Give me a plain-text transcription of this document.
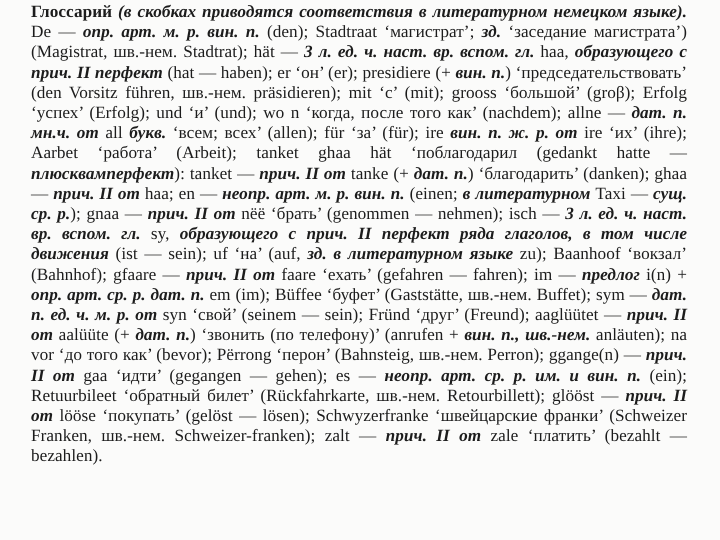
Глоссарий (в скобках приводятся соответствия в литературном немецком языке). De — опр. арт. м. р. вин. п. (den); Stadtraat ‘магистрат’; зд. ‘заседание магистрата’) (Magistrat, шв.-нем. Stadtrat); hät — 3 л. ед. ч. наст. вр. вспом. гл. haa, образующего с прич. II перфект (hat — haben); er ‘он’ (er); presidiere (+ вин. п.) ‘председательствовать’ (den Vorsitz führen, шв.-нем. präsidieren); mit ‘с’ (mit); grooss ‘большой’ (groβ); Erfolg ‘успех’ (Erfolg); und ‘и’ (und); wo n ‘когда, после того как’ (nachdem); allne — дат. п. мн.ч. от all букв. ‘всем; всех’ (allen); für ‘за’ (für); ire вин. п. ж. р. от ire ‘их’ (ihre); Aarbet ‘работа’ (Arbeit); tanket ghaa hät ‘поблагодарил (gedankt hatte — плюсквамперфект): tanket — прич. II от tanke (+ дат. п.) ‘благодарить’ (danken); ghaa — прич. II от haa; en — неопр. арт. м. р. вин. п. (einen; в литературном Taxi — сущ. ср. р.); gnaa — прич. II от nëë ‘брать’ (genommen — nehmen); isch — 3 л. ед. ч. наст. вр. вспом. гл. sy, образующего с прич. II перфект ряда глаголов, в том числе движения (ist — sein); uf ‘на’ (auf, зд. в литературном языке zu); Baanhoof ‘вокзал’ (Bahnhof); gfaare — прич. II от faare ‘ехать’ (gefahren — fahren); im — предлог i(n) + опр. арт. ср. р. дат. п. em (im); Büffee ‘буфет’ (Gaststätte, шв.-нем. Buffet); sym — дат. п. ед. ч. м. р. от syn ‘свой’ (seinem — sein); Fründ ‘друг’ (Freund); aaglüütet — прич. II от aalüüte (+ дат. п.) ‘звонить (по телефону)’ (anrufen + вин. п., шв.-нем. anläuten); na vor ‘до того как’ (bevor); Përrong ‘перон’ (Bahnsteig, шв.-нем. Perron); ggange(n) — прич. II от gaa ‘идти’ (gegangen — gehen); es — неопр. арт. ср. р. им. и вин. п. (ein); Retuurbileet ‘обратный билет’ (Rückfahrkarte, шв.-нем. Retourbillett); glööst — прич. II от lööse ‘покупать’ (gelöst — lösen); Schwyzerfranke ‘швейцарские франки’ (Schweizer Franken, шв.-нем. Schweizer-franken); zalt — прич. II от zale ‘платить’ (bezahlt — bezahlen).
